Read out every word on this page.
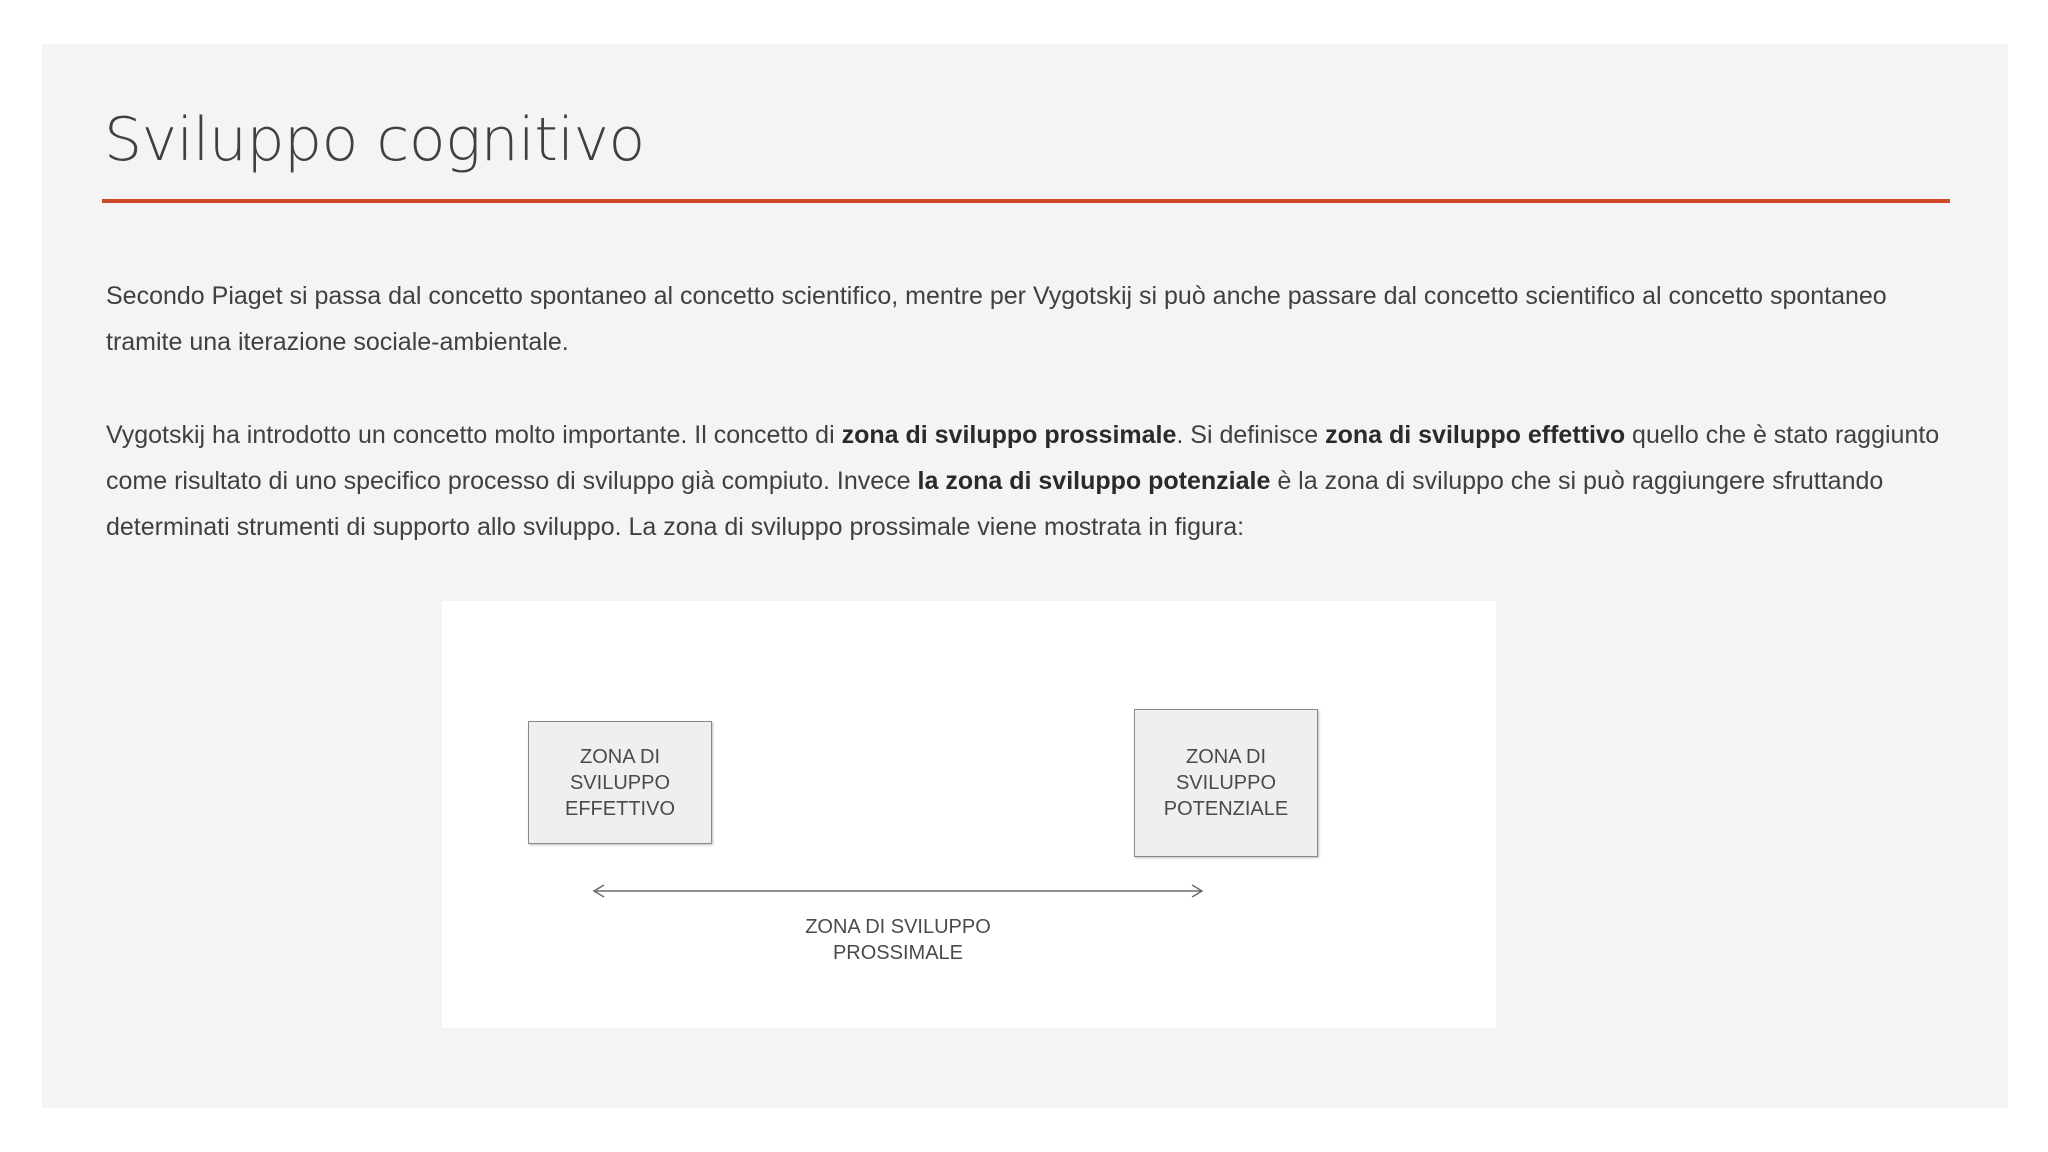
Sviluppo cognitivo

Secondo Piaget si passa dal concetto spontaneo al concetto scientifico, mentre per Vygotskij si può anche passare dal concetto scientifico al concetto spontaneo tramite una iterazione sociale-ambientale.

Vygotskij ha introdotto un concetto molto importante. Il concetto di zona di sviluppo prossimale. Si definisce zona di sviluppo effettivo quello che è stato raggiunto come risultato di uno specifico processo di sviluppo già compiuto. Invece la zona di sviluppo potenziale è la zona di sviluppo che si può raggiungere sfruttando determinati strumenti di supporto allo sviluppo. La zona di sviluppo prossimale viene mostrata in figura:

ZONA DI
SVILUPPO
EFFETTIVO
ZONA DI
SVILUPPO
POTENZIALE
ZONA DI SVILUPPO
PROSSIMALE
